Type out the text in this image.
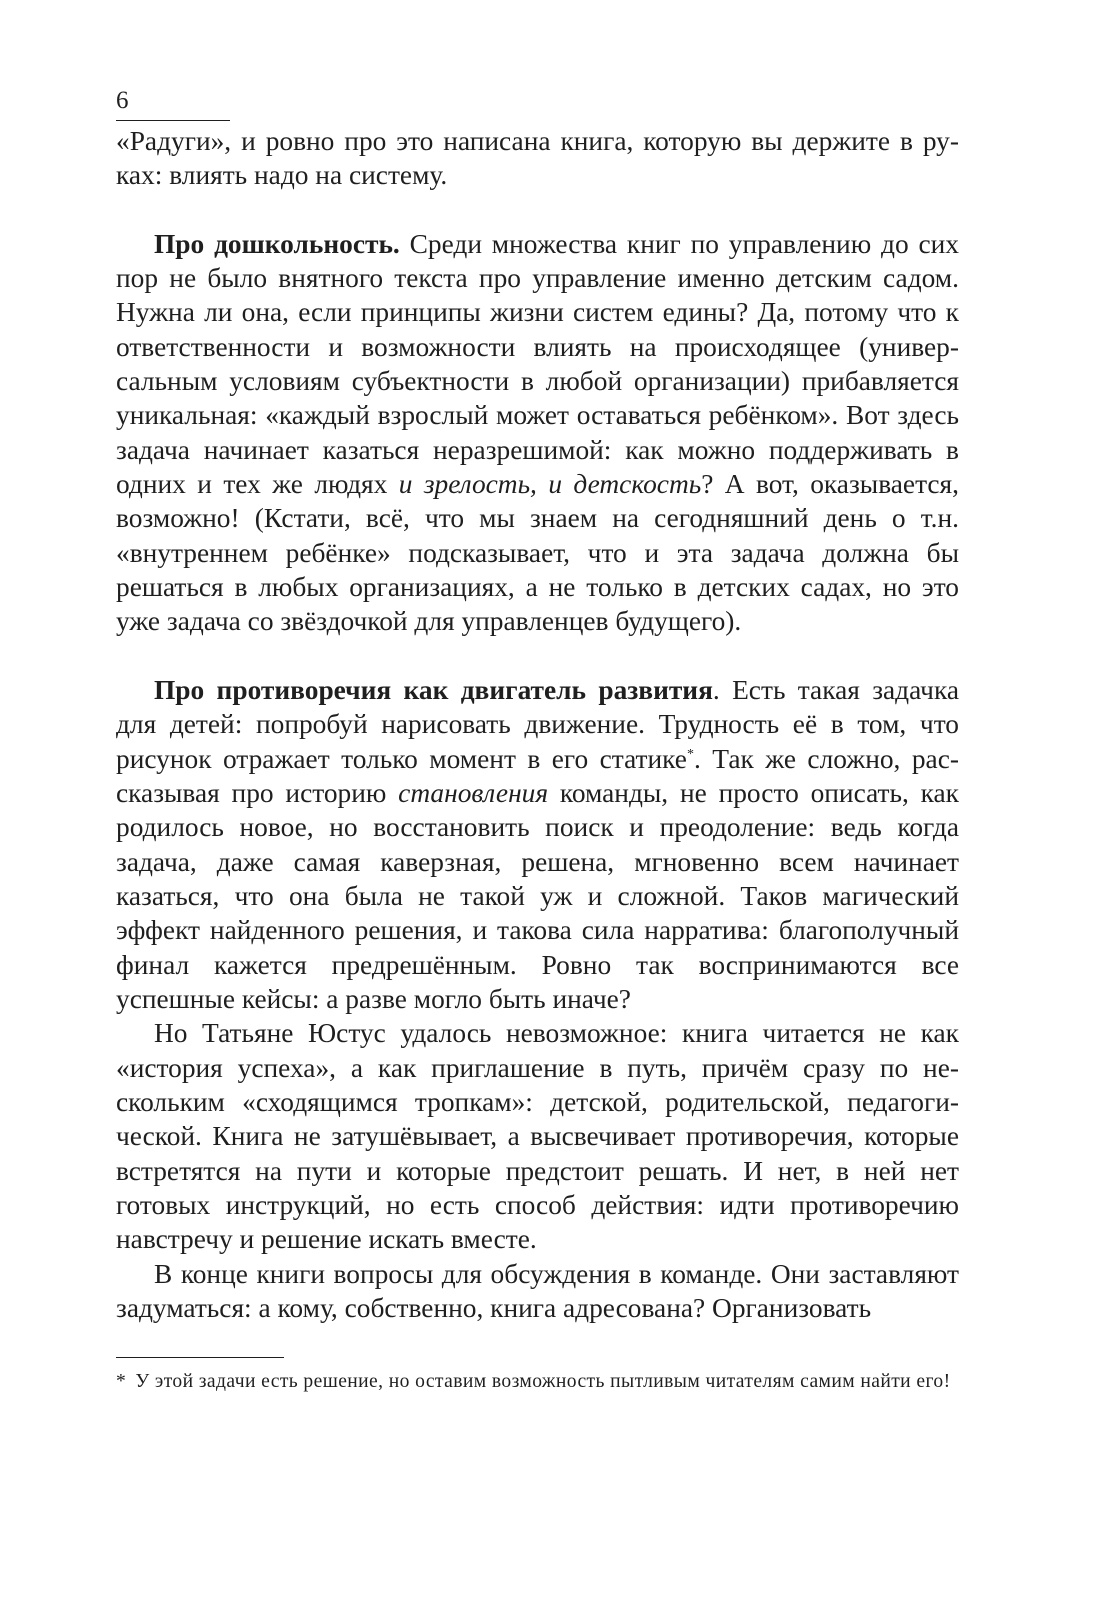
6

«Радуги», и ровно про это написана книга, которую вы держите в руках: влиять надо на систему.

Про дошкольность. Среди множества книг по управлению до сих пор не было внятного текста про управление именно детским садом. Нужна ли она, если принципы жизни систем едины? Да, потому что к ответственности и возможности влиять на происходящее (универсальным условиям субъектности в любой организации) прибавляется уникальная: «каждый взрослый может оставаться ребёнком». Вот здесь задача начинает казаться неразрешимой: как можно поддерживать в одних и тех же людях и зрелость, и детскость? А вот, оказывается, возможно! (Кстати, всё, что мы знаем на сегодняшний день о т.н. «внутреннем ребёнке» подсказывает, что и эта задача должна бы решаться в любых организациях, а не только в детских садах, но это уже задача со звёздочкой для управленцев будущего).

Про противоречия как двигатель развития. Есть такая задачка для детей: попробуй нарисовать движение. Трудность её в том, что рисунок отражает только момент в его статике*. Так же сложно, рассказывая про историю становления команды, не просто описать, как родилось новое, но восстановить поиск и преодоление: ведь когда задача, даже самая каверзная, решена, мгновенно всем начинает казаться, что она была не такой уж и сложной. Таков магический эффект найденного решения, и такова сила нарратива: благополучный финал кажется предрешённым. Ровно так воспринимаются все успешные кейсы: а разве могло быть иначе?

Но Татьяне Юстус удалось невозможное: книга читается не как «история успеха», а как приглашение в путь, причём сразу по нескольким «сходящимся тропкам»: детской, родительской, педагогической. Книга не затушёвывает, а высвечивает противоречия, которые встретятся на пути и которые предстоит решать. И нет, в ней нет готовых инструкций, но есть способ действия: идти противоречию навстречу и решение искать вместе.

В конце книги вопросы для обсуждения в команде. Они заставляют задуматься: а кому, собственно, книга адресована? Организовать

* У этой задачи есть решение, но оставим возможность пытливым читателям самим найти его!
